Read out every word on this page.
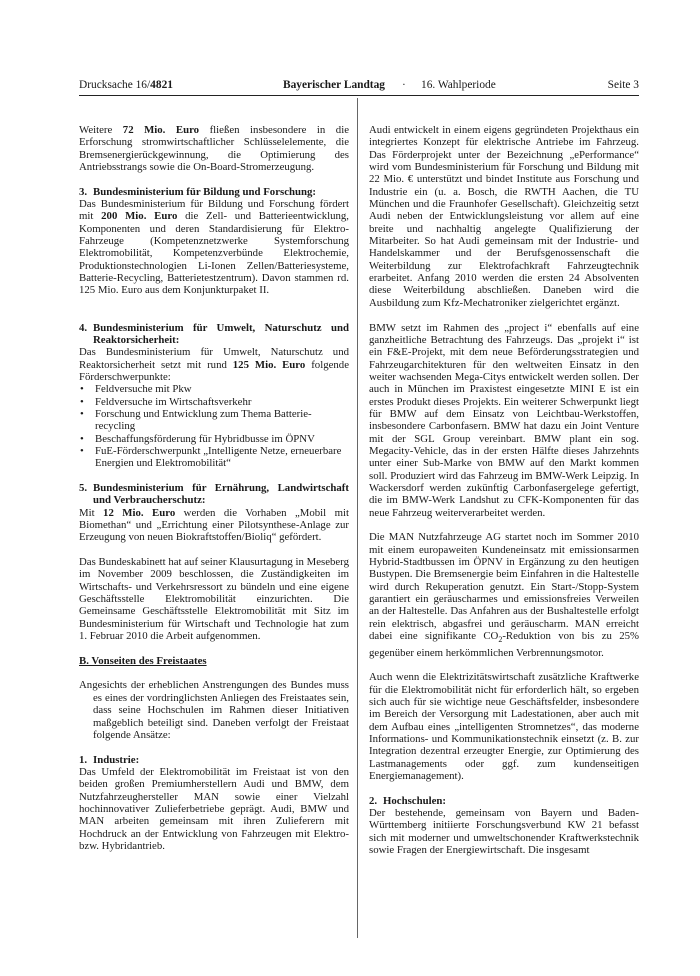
Drucksache 16/4821	Bayerischer Landtag · 16. Wahlperiode	Seite 3

Weitere 72 Mio. Euro fließen insbesondere in die Erforschung stromwirtschaftlicher Schlüsselelemente, die Bremsenergierückgewinnung, die Optimierung des Antriebsstrangs sowie die On-Board-Stromerzeugung.

3. Bundesministerium für Bildung und Forschung:

Das Bundesministerium für Bildung und Forschung fördert mit 200 Mio. Euro die Zell- und Batterieentwicklung, Komponenten und deren Standardisierung für Elektro-Fahrzeuge (Kompetenznetzwerke Systemforschung Elektromobilität, Kompetenzverbünde Elektrochemie, Produktionstechnologien Li-Ionen Zellen/Batteriesysteme, Batterie-Recycling, Batterietestzentrum). Davon stammen rd. 125 Mio. Euro aus dem Konjunkturpaket II.

4. Bundesministerium für Umwelt, Naturschutz und Reaktorsicherheit:

Das Bundesministerium für Umwelt, Naturschutz und Reaktorsicherheit setzt mit rund 125 Mio. Euro folgende Förderschwerpunkte:

• Feldversuche mit Pkw
• Feldversuche im Wirtschaftsverkehr
• Forschung und Entwicklung zum Thema Batterie-recycling
• Beschaffungsförderung für Hybridbusse im ÖPNV
• FuE-Förderschwerpunkt „Intelligente Netze, erneuerbare Energien und Elektromobilität“

5. Bundesministerium für Ernährung, Landwirtschaft und Verbraucherschutz:

Mit 12 Mio. Euro werden die Vorhaben „Mobil mit Biomethan“ und „Errichtung einer Pilotsynthese-Anlage zur Erzeugung von neuen Biokraftstoffen/Bioliq“ gefördert.

Das Bundeskabinett hat auf seiner Klausurtagung in Meseberg im November 2009 beschlossen, die Zuständigkeiten im Wirtschafts- und Verkehrsressort zu bündeln und eine eigene Geschäftsstelle Elektromobilität einzurichten. Die Gemeinsame Geschäftsstelle Elektromobilität mit Sitz im Bundesministerium für Wirtschaft und Technologie hat zum 1. Februar 2010 die Arbeit aufgenommen.

B. Vonseiten des Freistaates

Angesichts der erheblichen Anstrengungen des Bundes muss es eines der vordringlichsten Anliegen des Freistaates sein, dass seine Hochschulen im Rahmen dieser Initiativen maßgeblich beteiligt sind. Daneben verfolgt der Freistaat folgende Ansätze:

1. Industrie:

Das Umfeld der Elektromobilität im Freistaat ist von den beiden großen Premiumherstellern Audi und BMW, dem Nutzfahrzeughersteller MAN sowie einer Vielzahl hochinnovativer Zulieferbetriebe geprägt. Audi, BMW und MAN arbeiten gemeinsam mit ihren Zulieferern mit Hochdruck an der Entwicklung von Fahrzeugen mit Elektro- bzw. Hybridantrieb.

Audi entwickelt in einem eigens gegründeten Projekthaus ein integriertes Konzept für elektrische Antriebe im Fahrzeug. Das Förderprojekt unter der Bezeichnung „ePerformance“ wird vom Bundesministerium für Forschung und Bildung mit 22 Mio. € unterstützt und bindet Institute aus Forschung und Industrie ein (u. a. Bosch, die RWTH Aachen, die TU München und die Fraunhofer Gesellschaft). Gleichzeitig setzt Audi neben der Entwicklungsleistung vor allem auf eine breite und nachhaltig angelegte Qualifizierung der Mitarbeiter. So hat Audi gemeinsam mit der Industrie- und Handelskammer und der Berufsgenossenschaft die Weiterbildung zur Elektrofachkraft Fahrzeugtechnik erarbeitet. Anfang 2010 werden die ersten 24 Absolventen diese Weiterbildung abschließen. Daneben wird die Ausbildung zum Kfz-Mechatroniker zielgerichtet ergänzt.

BMW setzt im Rahmen des „project i“ ebenfalls auf eine ganzheitliche Betrachtung des Fahrzeugs. Das „projekt i“ ist ein F&E-Projekt, mit dem neue Beförderungsstrategien und Fahrzeugarchitekturen für den weltweiten Einsatz in den weiter wachsenden Mega-Citys entwickelt werden sollen. Der auch in München im Praxistest eingesetzte MINI E ist ein erstes Produkt dieses Projekts. Ein weiterer Schwerpunkt liegt für BMW auf dem Einsatz von Leichtbau-Werkstoffen, insbesondere Carbonfasern. BMW hat dazu ein Joint Venture mit der SGL Group vereinbart. BMW plant ein sog. Megacity-Vehicle, das in der ersten Hälfte dieses Jahrzehnts unter einer Sub-Marke von BMW auf den Markt kommen soll. Produziert wird das Fahrzeug im BMW-Werk Leipzig. In Wackersdorf werden zukünftig Carbonfasergelege gefertigt, die im BMW-Werk Landshut zu CFK-Komponenten für das neue Fahrzeug weiterverarbeitet werden.

Die MAN Nutzfahrzeuge AG startet noch im Sommer 2010 mit einem europaweiten Kundeneinsatz mit emissionsarmen Hybrid-Stadtbussen im ÖPNV in Ergänzung zu den heutigen Bustypen. Die Bremsenergie beim Einfahren in die Haltestelle wird durch Rekuperation genutzt. Ein Start-/Stopp-System garantiert ein geräuscharmes und emissionsfreies Verweilen an der Haltestelle. Das Anfahren aus der Bushaltestelle erfolgt rein elektrisch, abgasfrei und geräuscharm. MAN erreicht dabei eine signifikante $CO_2$-Reduktion von bis zu 25% gegenüber einem herkömmlichen Verbrennungsmotor.

Auch wenn die Elektrizitätswirtschaft zusätzliche Kraftwerke für die Elektromobilität nicht für erforderlich hält, so ergeben sich auch für sie wichtige neue Geschäftsfelder, insbesondere im Bereich der Versorgung mit Ladestationen, aber auch mit dem Aufbau eines „intelligenten Stromnetzes“, das moderne Informations- und Kommunikationstechnik einsetzt (z. B. zur Integration dezentral erzeugter Energie, zur Optimierung des Lastmanagements oder ggf. zum kundenseitigen Energiemanagement).

2. Hochschulen:

Der bestehende, gemeinsam von Bayern und Baden-Württemberg initiierte Forschungsverbund KW 21 befasst sich mit moderner und umweltschonender Kraftwerkstechnik sowie Fragen der Energiewirtschaft. Die insgesamt
